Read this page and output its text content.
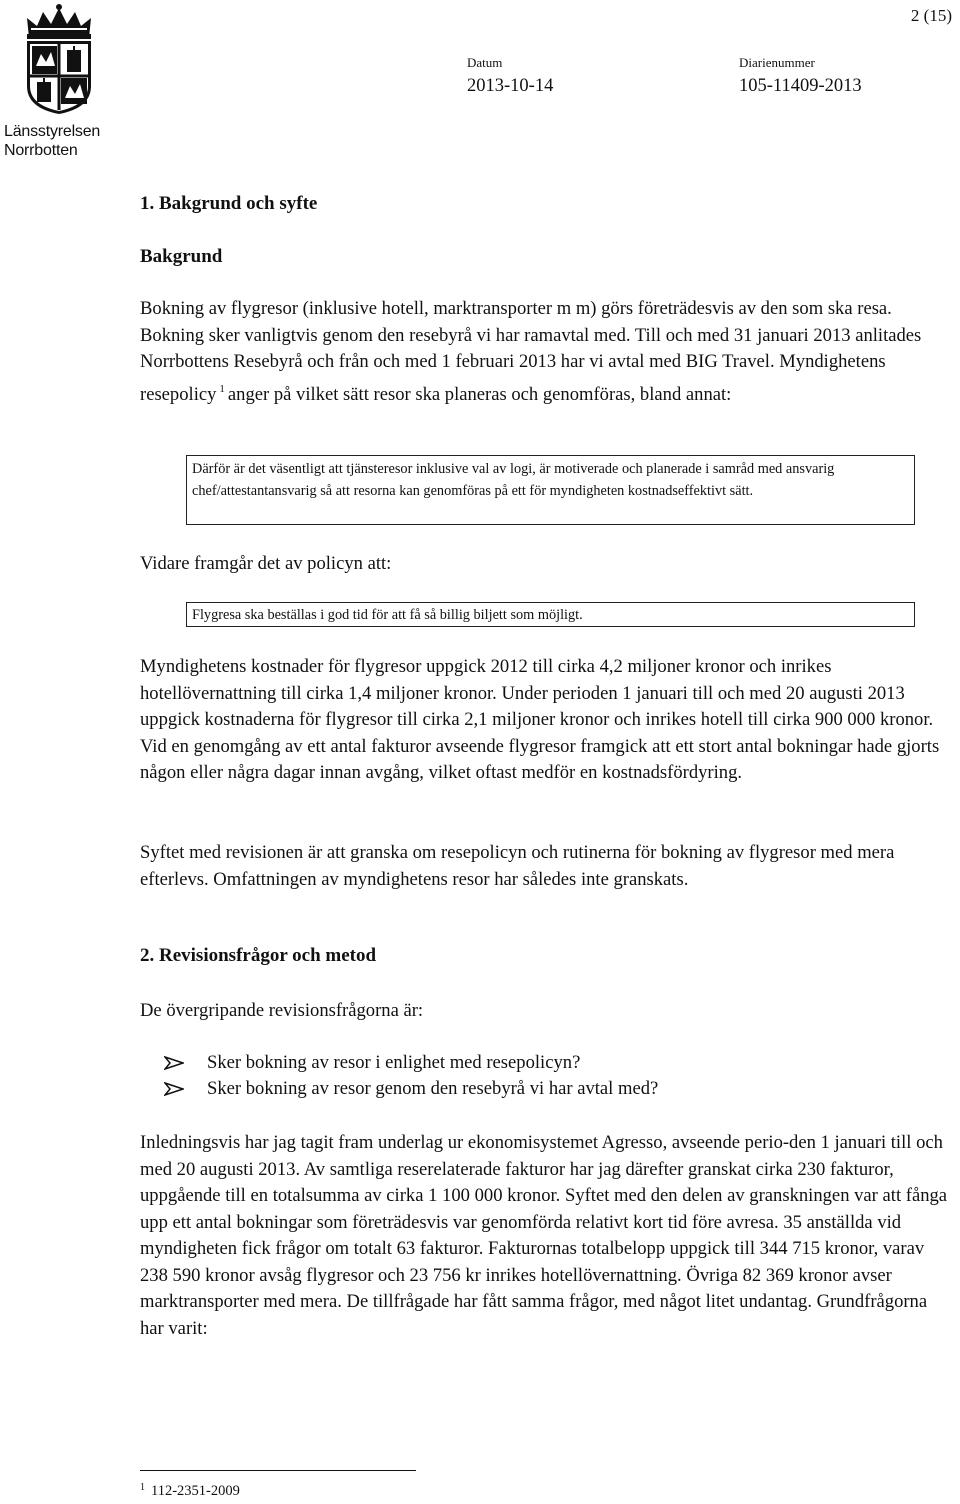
Länsstyrelsen
Norrbotten
2 (15)
Datum
2013-10-14
Diarienummer
105-11409-2013
1. Bakgrund och syfte
Bakgrund

Bokning av flygresor (inklusive hotell, marktransporter m m) görs företrädesvis av den som ska resa. Bokning sker vanligtvis genom den resebyrå vi har ramavtal med. Till och med 31 januari 2013 anlitades Norrbottens Resebyrå och från och med 1 februari 2013 har vi avtal med BIG Travel. Myndighetens resepolicy $^1$ anger på vilket sätt resor ska planeras och genomföras, bland annat:

Därför är det väsentligt att tjänsteresor inklusive val av logi, är motiverade och planerade i samråd med ansvarig chef/attestantansvarig så att resorna kan genomföras på ett för myndigheten kostnadseffektivt sätt.

Vidare framgår det av policyn att:

Flygresa ska beställas i god tid för att få så billig biljett som möjligt.

Myndighetens kostnader för flygresor uppgick 2012 till cirka 4,2 miljoner kronor och inrikes hotellövernattning till cirka 1,4 miljoner kronor. Under perioden 1 januari till och med 20 augusti 2013 uppgick kostnaderna för flygresor till cirka 2,1 miljoner kronor och inrikes hotell till cirka 900 000 kronor. Vid en genomgång av ett antal fakturor avseende flygresor framgick att ett stort antal bokningar hade gjorts någon eller några dagar innan avgång, vilket oftast medför en kostnadsfördyring.

Syftet med revisionen är att granska om resepolicyn och rutinerna för bokning av flygresor med mera efterlevs. Omfattningen av myndighetens resor har således inte granskats.

2. Revisionsfrågor och metod

De övergripande revisionsfrågorna är:

Sker bokning av resor i enlighet med resepolicyn?
Sker bokning av resor genom den resebyrå vi har avtal med?

Inledningsvis har jag tagit fram underlag ur ekonomisystemet Agresso, avseende perio-den 1 januari till och med 20 augusti 2013. Av samtliga reserelaterade fakturor har jag därefter granskat cirka 230 fakturor, uppgående till en totalsumma av cirka 1 100 000 kronor. Syftet med den delen av granskningen var att fånga upp ett antal bokningar som företrädesvis var genomförda relativt kort tid före avresa. 35 anställda vid myndigheten fick frågor om totalt 63 fakturor. Fakturornas totalbelopp uppgick till 344 715 kronor, varav 238 590 kronor avsåg flygresor och 23 756 kr inrikes hotellövernattning. Övriga 82 369 kronor avser marktransporter med mera. De tillfrågade har fått samma frågor, med något litet undantag. Grundfrågorna har varit:

$^1$ 112-2351-2009
